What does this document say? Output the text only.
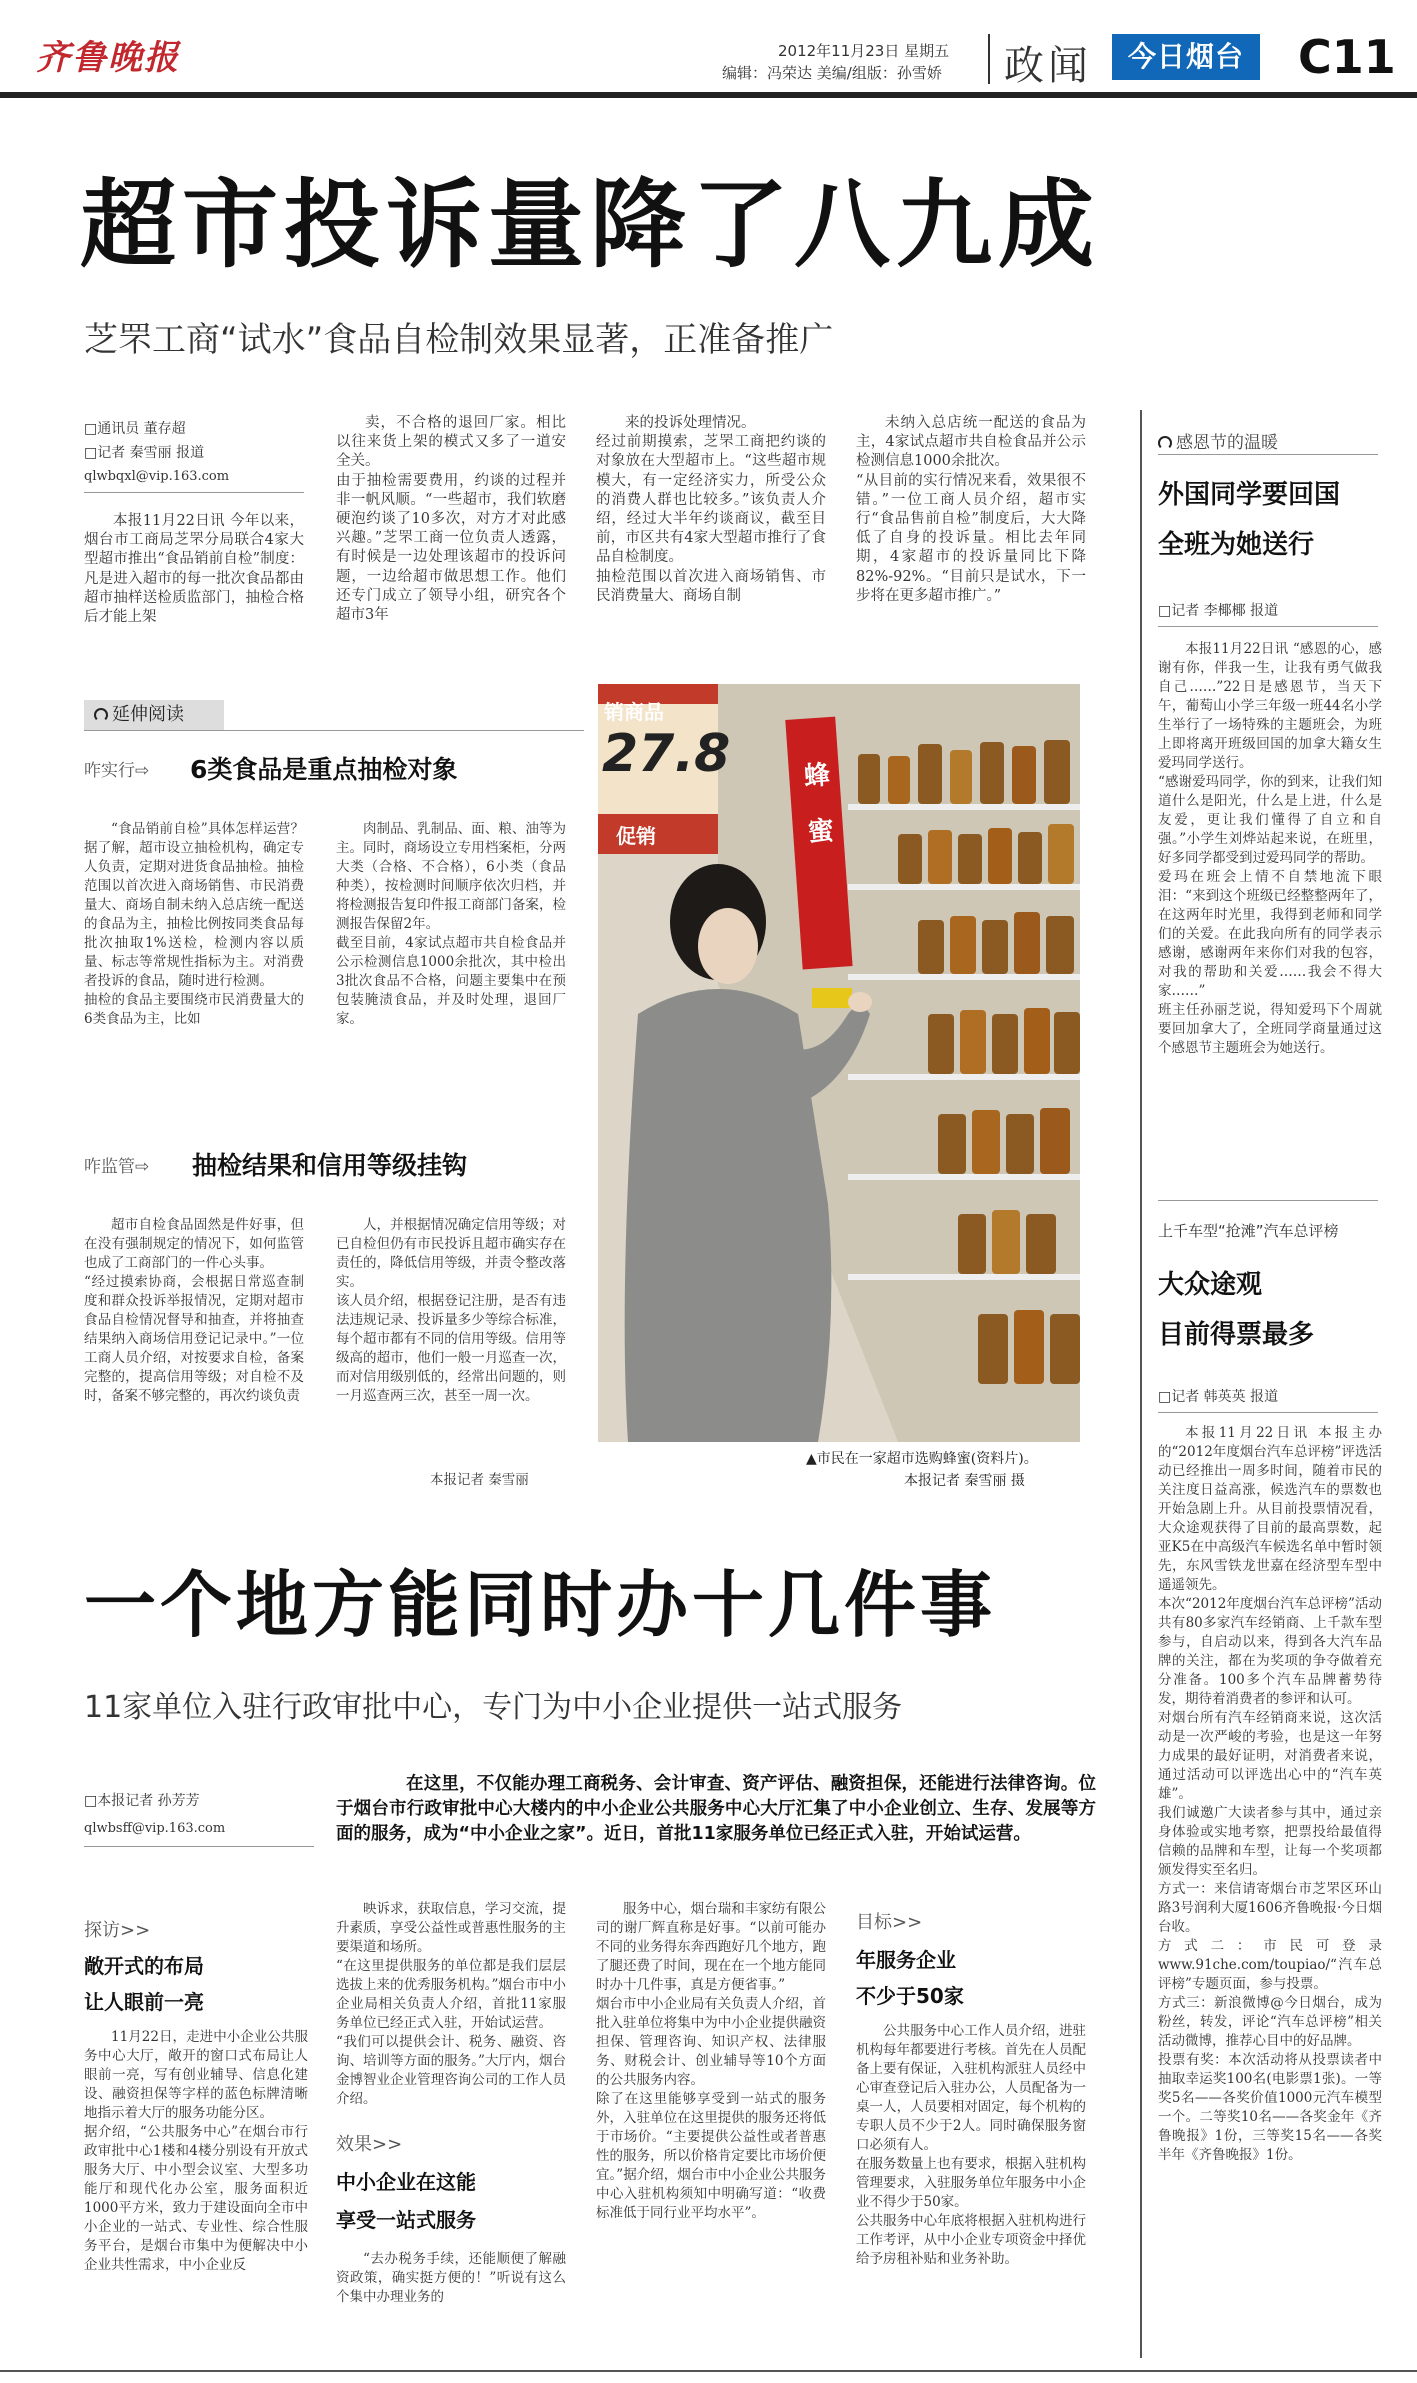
齐鲁晚报	2012年11月23日 星期五
编辑：冯荣达 美编/组版：孙雪娇 政闻	今日烟台	C11
超市投诉量降了八九成
芝罘工商“试水”食品自检制效果显著，正准备推广
□通讯员 董存超
□记者 秦雪丽 报道
qlwbqxl@vip.163.com

本报11月22日讯 今年以来，烟台市工商局芝罘分局联合4家大型超市推出“食品销前自检”制度：凡是进入超市的每一批次食品都由超市抽样送检质监部门，抽检合格后才能上架

卖，不合格的退回厂家。相比以往来货上架的模式又多了一道安全关。
由于抽检需要费用，约谈的过程并非一帆风顺。“一些超市，我们软磨硬泡约谈了10多次，对方才对此感兴趣。”芝罘工商一位负责人透露，有时候是一边处理该超市的投诉问题，一边给超市做思想工作。他们还专门成立了领导小组，研究各个超市3年

来的投诉处理情况。
经过前期摸索，芝罘工商把约谈的对象放在大型超市上。“这些超市规模大，有一定经济实力，所受公众的消费人群也比较多。”该负责人介绍，经过大半年约谈商议，截至目前，市区共有4家大型超市推行了食品自检制度。
抽检范围以首次进入商场销售、市民消费量大、商场自制

未纳入总店统一配送的食品为主，4家试点超市共自检食品并公示检测信息1000余批次。
“从目前的实行情况来看，效果很不错。”一位工商人员介绍，超市实行“食品售前自检”制度后，大大降低了自身的投诉量。相比去年同期，4家超市的投诉量同比下降82%-92%。“目前只是试水，下一步将在更多超市推广。”

延伸阅读
咋实行⇨ 6类食品是重点抽检对象

“食品销前自检”具体怎样运营？据了解，超市设立抽检机构，确定专人负责，定期对进货食品抽检。抽检范围以首次进入商场销售、市民消费量大、商场自制未纳入总店统一配送的食品为主，抽检比例按同类食品每批次抽取1%送检，检测内容以质量、标志等常规性指标为主。对消费者投诉的食品，随时进行检测。
抽检的食品主要围绕市民消费量大的6类食品为主，比如

肉制品、乳制品、面、粮、油等为主。同时，商场设立专用档案柜，分两大类（合格、不合格），6小类（食品种类），按检测时间顺序依次归档，并将检测报告复印件报工商部门备案，检测报告保留2年。
截至目前，4家试点超市共自检食品并公示检测信息1000余批次，其中检出3批次食品不合格，问题主要集中在预包装腌渍食品，并及时处理，退回厂家。

咋监管⇨ 抽检结果和信用等级挂钩

超市自检食品固然是件好事，但在没有强制规定的情况下，如何监管也成了工商部门的一件心头事。
“经过摸索协商，会根据日常巡查制度和群众投诉举报情况，定期对超市食品自检情况督导和抽查，并将抽查结果纳入商场信用登记记录中。”一位工商人员介绍，对按要求自检，备案完整的，提高信用等级；对自检不及时，备案不够完整的，再次约谈负责

人，并根据情况确定信用等级；对已自检但仍有市民投诉且超市确实存在责任的，降低信用等级，并责令整改落实。
该人员介绍，根据登记注册，是否有违法违规记录、投诉量多少等综合标准，每个超市都有不同的信用等级。信用等级高的超市，他们一般一月巡查一次，而对信用级别低的，经常出问题的，则一月巡查两三次，甚至一周一次。

本报记者 秦雪丽
销商品
27.8
促销
蜂蜜
▲市民在一家超市选购蜂蜜(资料片)。
本报记者 秦雪丽 摄
感恩节的温暖
外国同学要回国
全班为她送行
□记者 李椰椰 报道

本报11月22日讯 “感恩的心，感谢有你，伴我一生，让我有勇气做我自己……”22日是感恩节，当天下午，葡萄山小学三年级一班44名小学生举行了一场特殊的主题班会，为班上即将离开班级回国的加拿大籍女生爱玛同学送行。
“感谢爱玛同学，你的到来，让我们知道什么是阳光，什么是上进，什么是友爱，更让我们懂得了自立和自强。”小学生刘烨站起来说，在班里，好多同学都受到过爱玛同学的帮助。
爱玛在班会上情不自禁地流下眼泪：“来到这个班级已经整整两年了，在这两年时光里，我得到老师和同学们的关爱。在此我向所有的同学表示感谢，感谢两年来你们对我的包容，对我的帮助和关爱……我会不得大家……”
班主任孙丽芝说，得知爱玛下个周就要回加拿大了，全班同学商量通过这个感恩节主题班会为她送行。

上千车型“抢滩”汽车总评榜
大众途观
目前得票最多
□记者 韩英英 报道

本报11月22日讯 本报主办的“2012年度烟台汽车总评榜”评选活动已经推出一周多时间，随着市民的关注度日益高涨，候选汽车的票数也开始急剧上升。从目前投票情况看，大众途观获得了目前的最高票数，起亚K5在中高级汽车候选名单中暂时领先，东风雪铁龙世嘉在经济型车型中遥遥领先。
本次“2012年度烟台汽车总评榜”活动共有80多家汽车经销商、上千款车型参与，自启动以来，得到各大汽车品牌的关注，都在为奖项的争夺做着充分准备。100多个汽车品牌蓄势待发，期待着消费者的参评和认可。
对烟台所有汽车经销商来说，这次活动是一次严峻的考验，也是这一年努力成果的最好证明，对消费者来说，通过活动可以评选出心中的“汽车英雄”。
我们诚邀广大读者参与其中，通过亲身体验或实地考察，把票投给最值得信赖的品牌和车型，让每一个奖项都颁发得实至名归。
方式一：来信请寄烟台市芝罘区环山路3号润利大厦1606齐鲁晚报·今日烟台收。
方式二：市民可登录www.91che.com/toupiao/“汽车总评榜”专题页面，参与投票。
方式三：新浪微博@今日烟台，成为粉丝，转发，评论“汽车总评榜”相关活动微博，推荐心目中的好品牌。
投票有奖：本次活动将从投票读者中抽取幸运奖100名(电影票1张)。一等奖5名——各奖价值1000元汽车模型一个。二等奖10名——各奖金年《齐鲁晚报》1份，三等奖15名——各奖半年《齐鲁晚报》1份。

一个地方能同时办十几件事
11家单位入驻行政审批中心，专门为中小企业提供一站式服务
□本报记者 孙芳芳
qlwbsff@vip.163.com

在这里，不仅能办理工商税务、会计审查、资产评估、融资担保，还能进行法律咨询。位于烟台市行政审批中心大楼内的中小企业公共服务中心大厅汇集了中小企业创立、生存、发展等方面的服务，成为“中小企业之家”。近日，首批11家服务单位已经正式入驻，开始试运营。

探访>>
敞开式的布局
让人眼前一亮

11月22日，走进中小企业公共服务中心大厅，敞开的窗口式布局让人眼前一亮，写有创业辅导、信息化建设、融资担保等字样的蓝色标牌清晰地指示着大厅的服务功能分区。
据介绍，“公共服务中心”在烟台市行政审批中心1楼和4楼分别设有开放式服务大厅、中小型会议室、大型多功能厅和现代化办公室，服务面积近1000平方米，致力于建设面向全市中小企业的一站式、专业性、综合性服务平台，是烟台市集中为便解决中小企业共性需求，中小企业反

映诉求，获取信息，学习交流，提升素质，享受公益性或普惠性服务的主要渠道和场所。
“在这里提供服务的单位都是我们层层选拔上来的优秀服务机构。”烟台市中小企业局相关负责人介绍，首批11家服务单位已经正式入驻，开始试运营。
“我们可以提供会计、税务、融资、咨询、培训等方面的服务。”大厅内，烟台金博智业企业管理咨询公司的工作人员介绍。

效果>>
中小企业在这能
享受一站式服务

“去办税务手续，还能顺便了解融资政策，确实挺方便的！”听说有这么个集中办理业务的

服务中心，烟台瑞和丰家纺有限公司的谢厂辉直称是好事。“以前可能办不同的业务得东奔西跑好几个地方，跑了腿还费了时间，现在在一个地方能同时办十几件事，真是方便省事。”
烟台市中小企业局有关负责人介绍，首批入驻单位将集中为中小企业提供融资担保、管理咨询、知识产权、法律服务、财税会计、创业辅导等10个方面的公共服务内容。
除了在这里能够享受到一站式的服务外，入驻单位在这里提供的服务还将低于市场价。“主要提供公益性或者普惠性的服务，所以价格肯定要比市场价便宜。”据介绍，烟台市中小企业公共服务中心入驻机构须知中明确写道：“收费标准低于同行业平均水平”。

目标>>
年服务企业
不少于50家

公共服务中心工作人员介绍，进驻机构每年都要进行考核。首先在人员配备上要有保证，入驻机构派驻人员经中心审查登记后入驻办公，人员配备为一桌一人，人员要相对固定，每个机构的专职人员不少于2人。同时确保服务窗口必须有人。
在服务数量上也有要求，根据入驻机构管理要求，入驻服务单位年服务中小企业不得少于50家。
公共服务中心年底将根据入驻机构进行工作考评，从中小企业专项资金中择优给予房租补贴和业务补助。
